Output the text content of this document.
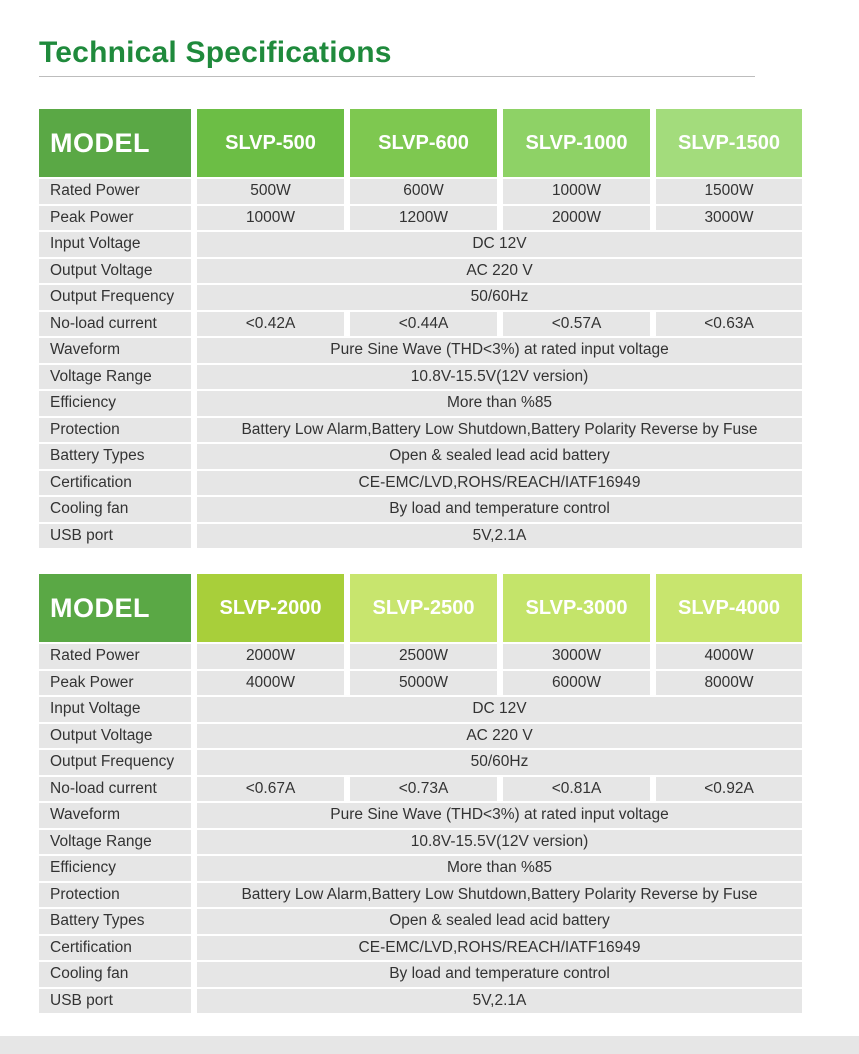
Technical Specifications
MODEL	SLVP-500	SLVP-600	SLVP-1000	SLVP-1500
Rated Power	500W	600W	1000W	1500W
Peak Power	1000W	1200W	2000W	3000W
Input Voltage	DC 12V
Output Voltage	AC 220 V
Output Frequency	50/60Hz
No-load current	<0.42A	<0.44A	<0.57A	<0.63A
Waveform	Pure Sine Wave (THD<3%) at rated input voltage
Voltage Range	10.8V-15.5V(12V version)
Efficiency	More than %85
Protection	Battery Low Alarm,Battery Low Shutdown,Battery Polarity Reverse by Fuse
Battery Types	Open & sealed lead acid battery
Certification	CE-EMC/LVD,ROHS/REACH/IATF16949
Cooling fan	By load and temperature control
USB port	5V,2.1A
MODEL	SLVP-2000	SLVP-2500	SLVP-3000	SLVP-4000
Rated Power	2000W	2500W	3000W	4000W
Peak Power	4000W	5000W	6000W	8000W
Input Voltage	DC 12V
Output Voltage	AC 220 V
Output Frequency	50/60Hz
No-load current	<0.67A	<0.73A	<0.81A	<0.92A
Waveform	Pure Sine Wave (THD<3%) at rated input voltage
Voltage Range	10.8V-15.5V(12V version)
Efficiency	More than %85
Protection	Battery Low Alarm,Battery Low Shutdown,Battery Polarity Reverse by Fuse
Battery Types	Open & sealed lead acid battery
Certification	CE-EMC/LVD,ROHS/REACH/IATF16949
Cooling fan	By load and temperature control
USB port	5V,2.1A
